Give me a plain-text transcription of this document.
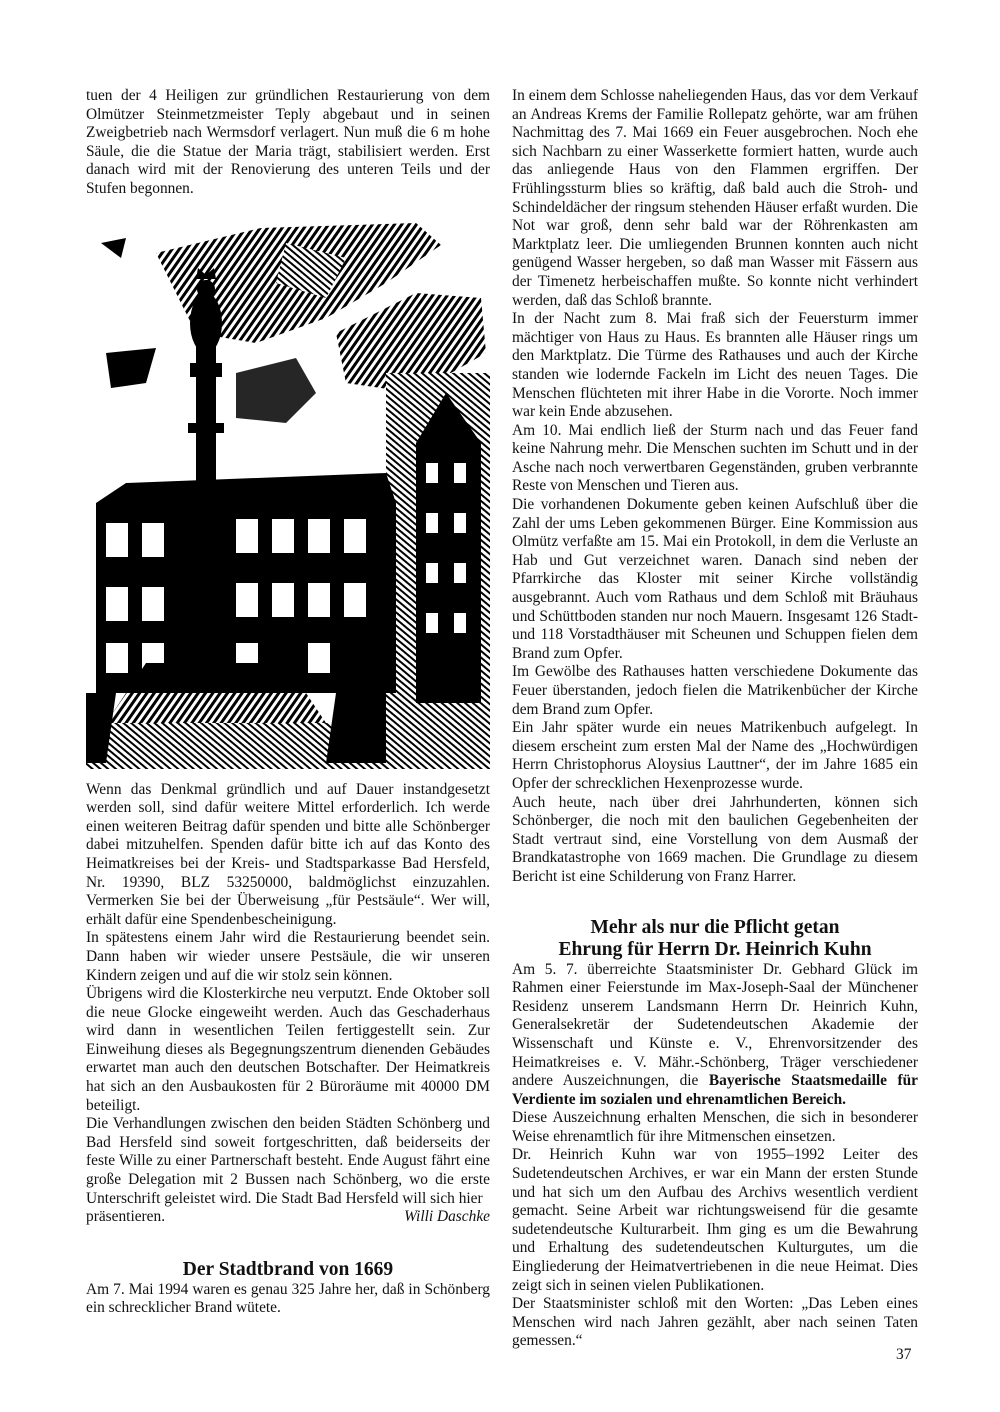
tuen der 4 Heiligen zur gründlichen Restaurierung von dem Olmützer Steinmetzmeister Teply abgebaut und in seinen Zweigbetrieb nach Wermsdorf verlagert. Nun muß die 6 m hohe Säule, die die Statue der Maria trägt, stabilisiert werden. Erst danach wird mit der Renovierung des unteren Teils und der Stufen begonnen.

Wenn das Denkmal gründlich und auf Dauer instandgesetzt werden soll, sind dafür weitere Mittel erforderlich. Ich werde einen weiteren Beitrag dafür spenden und bitte alle Schönberger dabei mitzuhelfen. Spenden dafür bitte ich auf das Konto des Heimatkreises bei der Kreis- und Stadtsparkasse Bad Hersfeld, Nr. 19390, BLZ 53250000, baldmöglichst einzuzahlen. Vermerken Sie bei der Überweisung „für Pestsäule“. Wer will, erhält dafür eine Spendenbescheinigung.

In spätestens einem Jahr wird die Restaurierung beendet sein. Dann haben wir wieder unsere Pestsäule, die wir unseren Kindern zeigen und auf die wir stolz sein können.

Übrigens wird die Klosterkirche neu verputzt. Ende Oktober soll die neue Glocke eingeweiht werden. Auch das Geschaderhaus wird dann in wesentlichen Teilen fertiggestellt sein. Zur Einweihung dieses als Begegnungszentrum dienenden Gebäudes erwartet man auch den deutschen Botschafter. Der Heimatkreis hat sich an den Ausbaukosten für 2 Büroräume mit 40000 DM beteiligt.

Die Verhandlungen zwischen den beiden Städten Schönberg und Bad Hersfeld sind soweit fortgeschritten, daß beiderseits der feste Wille zu einer Partnerschaft besteht. Ende August fährt eine große Delegation mit 2 Bussen nach Schönberg, wo die erste Unterschrift geleistet wird. Die Stadt Bad Hersfeld will sich hier

präsentieren.	Willi Daschke
Der Stadtbrand von 1669

Am 7. Mai 1994 waren es genau 325 Jahre her, daß in Schönberg ein schrecklicher Brand wütete.

In einem dem Schlosse naheliegenden Haus, das vor dem Verkauf an Andreas Krems der Familie Rollepatz gehörte, war am frühen Nachmittag des 7. Mai 1669 ein Feuer ausgebrochen. Noch ehe sich Nachbarn zu einer Wasserkette formiert hatten, wurde auch das anliegende Haus von den Flammen ergriffen. Der Frühlingssturm blies so kräftig, daß bald auch die Stroh- und Schindeldächer der ringsum stehenden Häuser erfaßt wurden. Die Not war groß, denn sehr bald war der Röhrenkasten am Marktplatz leer. Die umliegenden Brunnen konnten auch nicht genügend Wasser hergeben, so daß man Wasser mit Fässern aus der Timenetz herbeischaffen mußte. So konnte nicht verhindert werden, daß das Schloß brannte.

In der Nacht zum 8. Mai fraß sich der Feuersturm immer mächtiger von Haus zu Haus. Es brannten alle Häuser rings um den Marktplatz. Die Türme des Rathauses und auch der Kirche standen wie lodernde Fackeln im Licht des neuen Tages. Die Menschen flüchteten mit ihrer Habe in die Vororte. Noch immer war kein Ende abzusehen.

Am 10. Mai endlich ließ der Sturm nach und das Feuer fand keine Nahrung mehr. Die Menschen suchten im Schutt und in der Asche nach noch verwertbaren Gegenständen, gruben verbrannte Reste von Menschen und Tieren aus.

Die vorhandenen Dokumente geben keinen Aufschluß über die Zahl der ums Leben gekommenen Bürger. Eine Kommission aus Olmütz verfaßte am 15. Mai ein Protokoll, in dem die Verluste an Hab und Gut verzeichnet waren. Danach sind neben der Pfarrkirche das Kloster mit seiner Kirche vollständig ausgebrannt. Auch vom Rathaus und dem Schloß mit Bräuhaus und Schüttboden standen nur noch Mauern. Insgesamt 126 Stadt- und 118 Vorstadthäuser mit Scheunen und Schuppen fielen dem Brand zum Opfer.

Im Gewölbe des Rathauses hatten verschiedene Dokumente das Feuer überstanden, jedoch fielen die Matrikenbücher der Kirche dem Brand zum Opfer.

Ein Jahr später wurde ein neues Matrikenbuch aufgelegt. In diesem erscheint zum ersten Mal der Name des „Hochwürdigen Herrn Christophorus Aloysius Lauttner“, der im Jahre 1685 ein Opfer der schrecklichen Hexenprozesse wurde.

Auch heute, nach über drei Jahrhunderten, können sich Schönberger, die noch mit den baulichen Gegebenheiten der Stadt vertraut sind, eine Vorstellung von dem Ausmaß der Brandkatastrophe von 1669 machen. Die Grundlage zu diesem Bericht ist eine Schilderung von Franz Harrer.

Mehr als nur die Pflicht getan
Ehrung für Herrn Dr. Heinrich Kuhn

Am 5. 7. überreichte Staatsminister Dr. Gebhard Glück im Rahmen einer Feierstunde im Max-Joseph-Saal der Münchener Residenz unserem Landsmann Herrn Dr. Heinrich Kuhn, Generalsekretär der Sudetendeutschen Akademie der Wissenschaft und Künste e. V., Ehrenvorsitzender des Heimatkreises e. V. Mähr.-Schönberg, Träger verschiedener andere Auszeichnungen, die Bayerische Staatsmedaille für Verdiente im sozialen und ehrenamtlichen Bereich.

Diese Auszeichnung erhalten Menschen, die sich in besonderer Weise ehrenamtlich für ihre Mitmenschen einsetzen.

Dr. Heinrich Kuhn war von 1955–1992 Leiter des Sudetendeutschen Archives, er war ein Mann der ersten Stunde und hat sich um den Aufbau des Archivs wesentlich verdient gemacht. Seine Arbeit war richtungsweisend für die gesamte sudetendeutsche Kulturarbeit. Ihm ging es um die Bewahrung und Erhaltung des sudetendeutschen Kulturgutes, um die Eingliederung der Heimatvertriebenen in die neue Heimat. Dies zeigt sich in seinen vielen Publikationen.

Der Staatsminister schloß mit den Worten: „Das Leben eines Menschen wird nach Jahren gezählt, aber nach seinen Taten gemessen.“

37
